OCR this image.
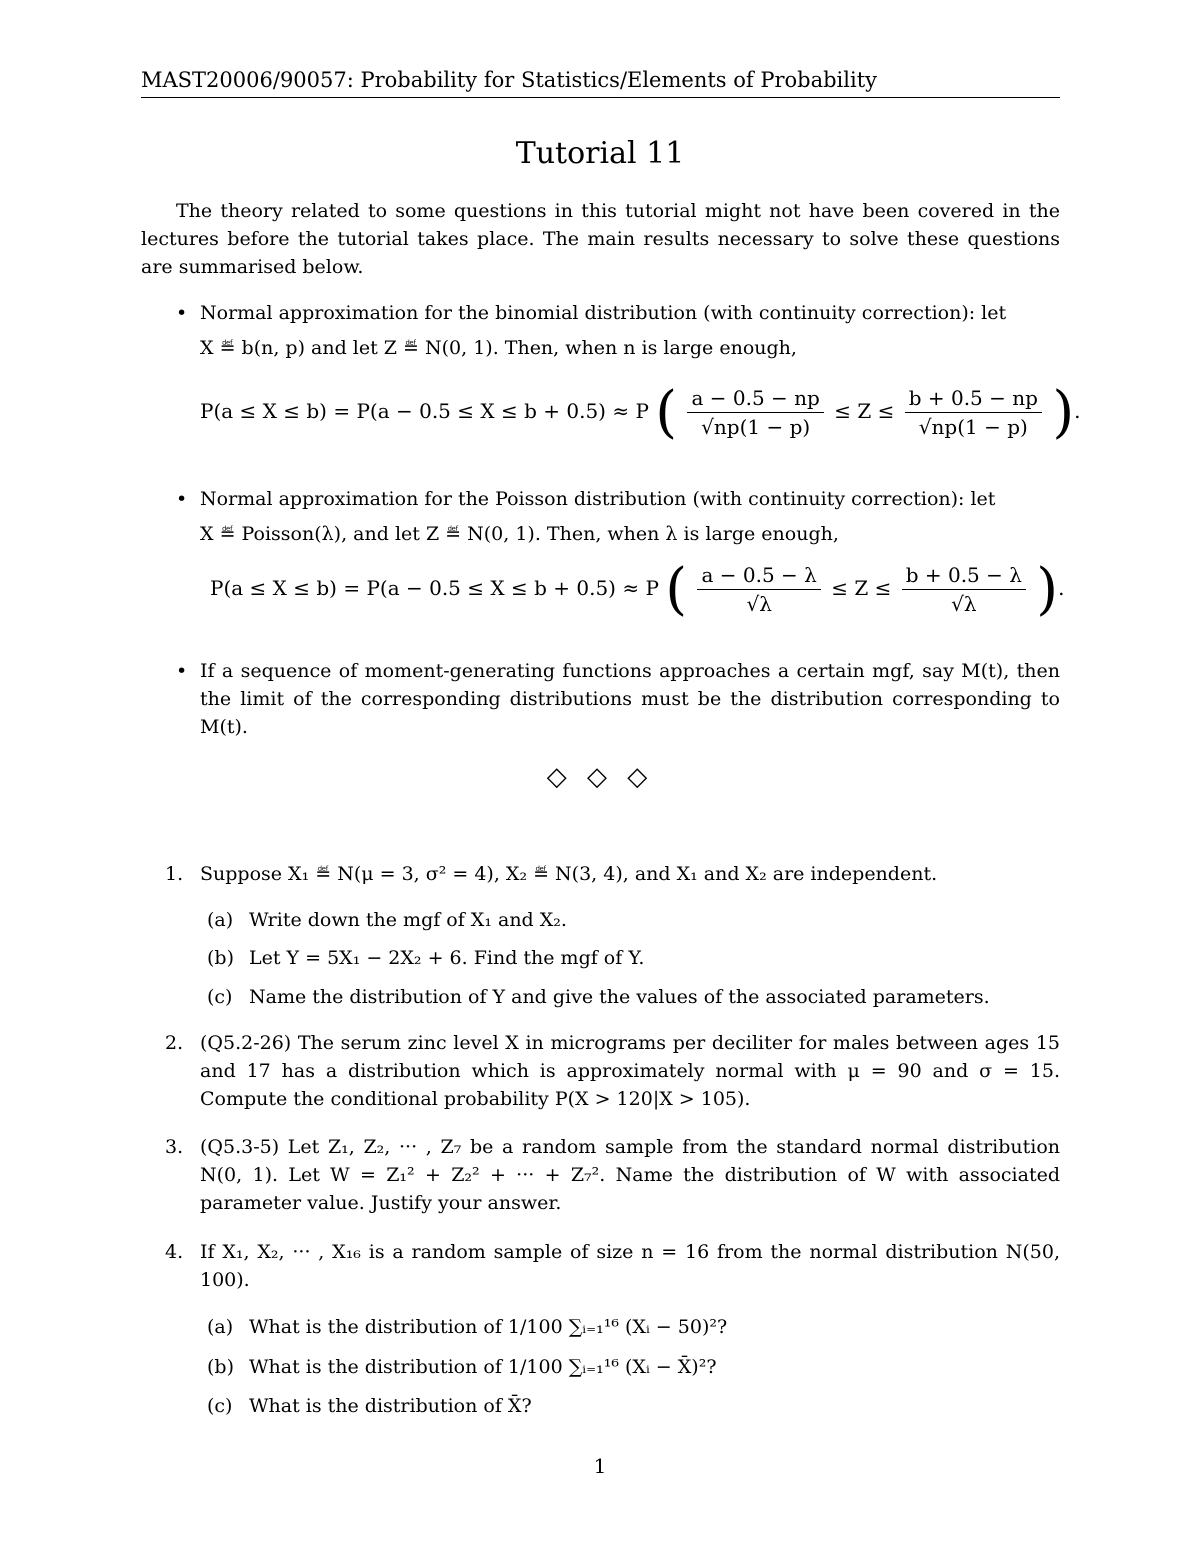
MAST20006/90057: Probability for Statistics/Elements of Probability
Tutorial 11
The theory related to some questions in this tutorial might not have been covered in the lectures before the tutorial takes place. The main results necessary to solve these questions are summarised below.
• Normal approximation for the binomial distribution (with continuity correction): let
X ≝ b(n, p) and let Z ≝ N(0, 1). Then, when n is large enough,
P(a ≤ X ≤ b) = P(a − 0.5 ≤ X ≤ b + 0.5) ≈ P ( $\frac{a - 0.5 - np}{√np(1 - p)} \le Z \le \frac{b + 0.5 - np}{√np(1 - p)}$ ).
• Normal approximation for the Poisson distribution (with continuity correction): let
X ≝ Poisson(λ), and let Z ≝ N(0, 1). Then, when λ is large enough,
P(a ≤ X ≤ b) = P(a − 0.5 ≤ X ≤ b + 0.5) ≈ P ( $\frac{a - 0.5 - \lambda}{√\lambda} \le Z \le \frac{b + 0.5 - \lambda}{√\lambda}$ ).
• If a sequence of moment-generating functions approaches a certain mgf, say M(t), then the limit of the corresponding distributions must be the distribution corresponding to M(t).
◇ ◇ ◇
1. Suppose X₁ ≝ N(μ = 3, σ² = 4), X₂ ≝ N(3, 4), and X₁ and X₂ are independent.
(a) Write down the mgf of X₁ and X₂.
(b) Let Y = 5X₁ − 2X₂ + 6. Find the mgf of Y.
(c) Name the distribution of Y and give the values of the associated parameters.
2. (Q5.2-26) The serum zinc level X in micrograms per deciliter for males between ages 15 and 17 has a distribution which is approximately normal with μ = 90 and σ = 15. Compute the conditional probability P(X > 120|X > 105).
3. (Q5.3-5) Let Z₁, Z₂, ··· , Z₇ be a random sample from the standard normal distribution N(0, 1). Let W = Z₁² + Z₂² + ··· + Z₇². Name the distribution of W with associated parameter value. Justify your answer.
4. If X₁, X₂, ··· , X₁₆ is a random sample of size n = 16 from the normal distribution N(50, 100).
(a) What is the distribution of 1/100 ∑ᵢ₌₁¹⁶ (Xᵢ − 50)²?
(b) What is the distribution of 1/100 ∑ᵢ₌₁¹⁶ (Xᵢ − X̄)²?
(c) What is the distribution of X̄?
1
